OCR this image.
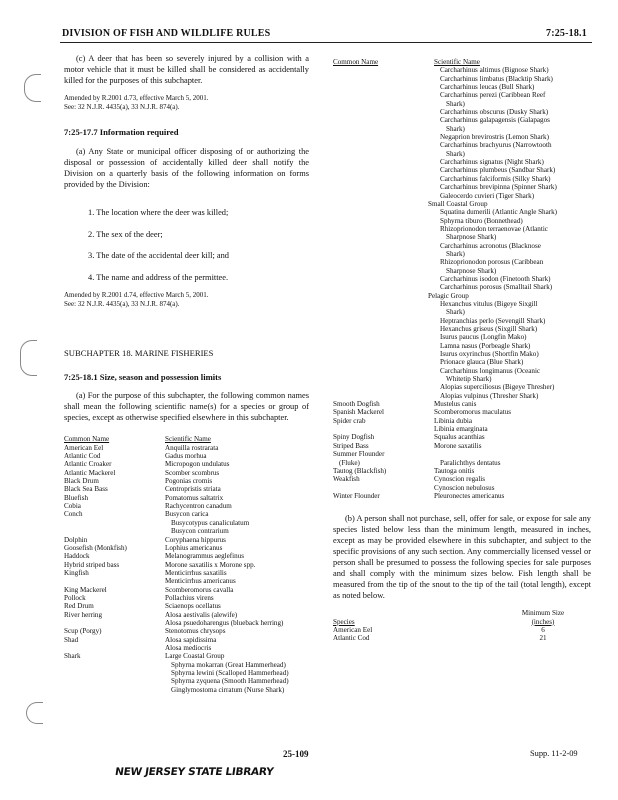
DIVISION OF FISH AND WILDLIFE RULES	7:25-18.1
(c) A deer that has been so severely injured by a collision with a motor vehicle that it must be killed shall be considered as accidentally killed for the purposes of this subchapter.
Amended by R.2001 d.73, effective March 5, 2001.
See: 32 N.J.R. 4435(a), 33 N.J.R. 874(a).
7:25-17.7 Information required
(a) Any State or municipal officer disposing of or authorizing the disposal or possession of accidentally killed deer shall notify the Division on a quarterly basis of the following information on forms provided by the Division:
1. The location where the deer was killed;
2. The sex of the deer;
3. The date of the accidental deer kill; and
4. The name and address of the permittee.
Amended by R.2001 d.74, effective March 5, 2001.
See: 32 N.J.R. 4435(a), 33 N.J.R. 874(a).
SUBCHAPTER 18. MARINE FISHERIES
7:25-18.1 Size, season and possession limits
(a) For the purpose of this subchapter, the following common names shall mean the following scientific name(s) for a species or group of species, except as otherwise specified elsewhere in this subchapter.
Common Name	Scientific Name
American Eel	Anquilla rostrarata
Atlantic Cod	Gadus morhua
Atlantic Croaker	Micropogon undulatus
Atlantic Mackerel	Scomber scombrus
Black Drum	Pogonias cromis
Black Sea Bass	Centropristis striata
Bluefish	Pomatomus saltatrix
Cobia	Rachycentron canadum
Conch	Busycon carica
Busycotypus canaliculatum
Busycon contrarium
Dolphin	Coryphaena hippurus
Goosefish (Monkfish)	Lophius americanus
Haddock	Melanogrammus aeglefinus
Hybrid striped bass	Morone saxatilis x Morone spp.
Kingfish	Menticirrhus saxatilis
Menticirrhus americanus
King Mackerel	Scomberomorus cavalla
Pollock	Pollachius virens
Red Drum	Sciaenops ocellatus
River herring	Alosa aestivalis (alewife)
Alosa psuedoharengus (blueback herring)
Scup (Porgy)	Stenotomus chrysops
Shad	Alosa sapidissima
Alosa mediocris
Shark	Large Coastal Group
Sphyrna mokarran (Great Hammerhead)
Sphyrna lewini (Scalloped Hammerhead)
Sphyrna zyquena (Smooth Hammerhead)
Ginglymostoma cirratum (Nurse Shark)
Common Name	Scientific Name
Carcharhinus altimus (Bignose Shark)
Carcharhinus limbatus (Blacktip Shark)
Carcharhinus leucas (Bull Shark)
Carcharhinus perezi (Caribbean Reef
Shark)
Carcharhinus obscurus (Dusky Shark)
Carcharhinus galapagensis (Galapagos
Shark)
Negaprion brevirostris (Lemon Shark)
Carcharhinus brachyurus (Narrowtooth
Shark)
Carcharhinus signatus (Night Shark)
Carcharhinus plumbeus (Sandbar Shark)
Carcharhinus falciformis (Silky Shark)
Carcharhinus brevipinna (Spinner Shark)
Galeocerdo cuvieri (Tiger Shark)
Small Coastal Group
Squatina dumerili (Atlantic Angle Shark)
Sphyrna tiburo (Bonnethead)
Rhizoprionodon terraenovae (Atlantic
Sharpnose Shark)
Carcharhinus acronotus (Blacknose
Shark)
Rhizoprionodon porosus (Caribbean
Sharpnose Shark)
Carcharhinus isodon (Finetooth Shark)
Carcharhinus porosus (Smalltail Shark)
Pelagic Group
Hexanchus vitulus (Bigeye Sixgill
Shark)
Heptranchias perlo (Sevengill Shark)
Hexanchus griseus (Sixgill Shark)
Isurus paucus (Longfin Mako)
Lamna nasus (Porbeagle Shark)
Isurus oxyrinchus (Shortfin Mako)
Prionace glauca (Blue Shark)
Carcharhinus longimanus (Oceanic
Whitetip Shark)
Alopias superciliosus (Bigeye Thresher)
Alopias vulpinus (Thresher Shark)
Smooth Dogfish	Mustelus canis
Spanish Mackerel	Scomberomorus maculatus
Spider crab	Libinia dubia
Libinia emarginata
Spiny Dogfish	Squalus acanthias
Striped Bass	Morone saxatilis
Summer Flounder
(Fluke)	Paralichthys dentatus
Tautog (Blackfish)	Tautoga onitis
Weakfish	Cynoscion regalis
Cynoscion nebulosus
Winter Flounder	Pleuronectes americanus
(b) A person shall not purchase, sell, offer for sale, or expose for sale any species listed below less than the minimum length, measured in inches, except as may be provided elsewhere in this subchapter, and subject to the specific provisions of any such section. Any commercially licensed vessel or person shall be presumed to possess the following species for sale purposes and shall comply with the minimum sizes below. Fish length shall be measured from the tip of the snout to the tip of the tail (total length), except as noted below.
Minimum Size
Species	(inches)
American Eel	6
Atlantic Cod	21
25-109	Supp. 11-2-09
NEW JERSEY STATE LIBRARY
